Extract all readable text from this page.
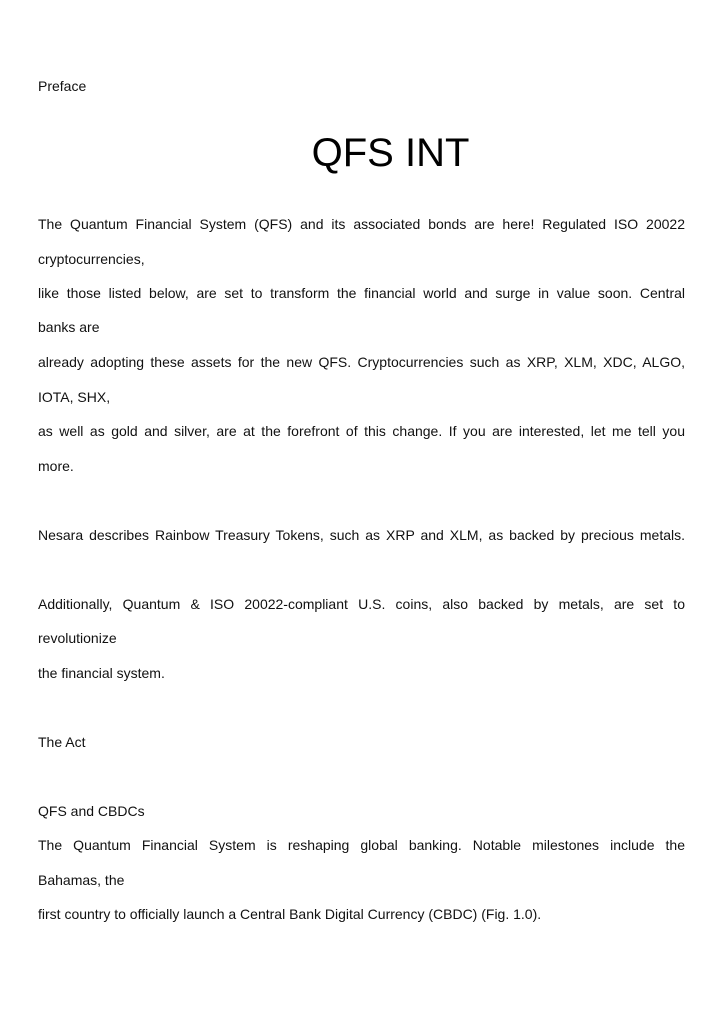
Preface
QFS INT
The Quantum Financial System (QFS) and its associated bonds are here! Regulated ISO 20022
cryptocurrencies,
like those listed below, are set to transform the financial world and surge in value soon. Central
banks are
already adopting these assets for the new QFS. Cryptocurrencies such as XRP, XLM, XDC, ALGO,
IOTA, SHX,
as well as gold and silver, are at the forefront of this change. If you are interested, let me tell you
more.
Nesara describes Rainbow Treasury Tokens, such as XRP and XLM, as backed by precious metals.
Additionally, Quantum & ISO 20022-compliant U.S. coins, also backed by metals, are set to
revolutionize
the financial system.
The Act
QFS and CBDCs
The Quantum Financial System is reshaping global banking. Notable milestones include the
Bahamas, the
first country to officially launch a Central Bank Digital Currency (CBDC) (Fig. 1.0).
